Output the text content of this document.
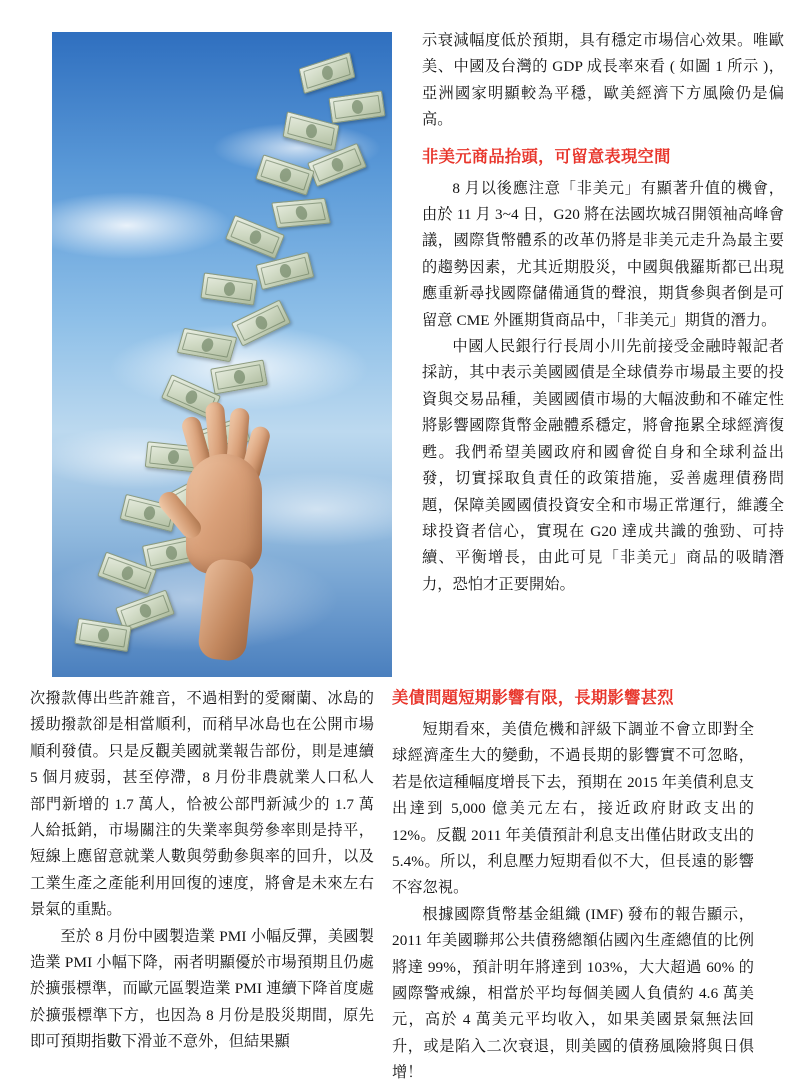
示衰減幅度低於預期，具有穩定市場信心效果。唯歐美、中國及台灣的 GDP 成長率來看 ( 如圖 1 所示 )，亞洲國家明顯較為平穩，歐美經濟下方風險仍是偏高。

非美元商品抬頭，可留意表現空間

8 月以後應注意「非美元」有顯著升值的機會，由於 11 月 3~4 日，G20 將在法國坎城召開領袖高峰會議，國際貨幣體系的改革仍將是非美元走升為最主要的趨勢因素，尤其近期股災，中國與俄羅斯都已出現應重新尋找國際儲備通貨的聲浪，期貨參與者倒是可留意 CME 外匯期貨商品中，「非美元」期貨的潛力。

中國人民銀行行長周小川先前接受金融時報記者採訪，其中表示美國國債是全球債券市場最主要的投資與交易品種，美國國債市場的大幅波動和不確定性將影響國際貨幣金融體系穩定，將會拖累全球經濟復甦。我們希望美國政府和國會從自身和全球利益出發，切實採取負責任的政策措施，妥善處理債務問題，保障美國國債投資安全和市場正常運行，維護全球投資者信心，實現在 G20 達成共識的強勁、可持續、平衡增長，由此可見「非美元」商品的吸睛潛力，恐怕才正要開始。

次撥款傳出些許雜音，不過相對的愛爾蘭、冰島的援助撥款卻是相當順利，而稍早冰島也在公開市場順利發債。只是反觀美國就業報告部份，則是連續 5 個月疲弱，甚至停滯，8 月份非農就業人口私人部門新增的 1.7 萬人，恰被公部門新減少的 1.7 萬人給抵銷，市場關注的失業率與勞參率則是持平，短線上應留意就業人數與勞動參與率的回升，以及工業生產之產能利用回復的速度，將會是未來左右景氣的重點。

至於 8 月份中國製造業 PMI 小幅反彈，美國製造業 PMI 小幅下降，兩者明顯優於市場預期且仍處於擴張標準，而歐元區製造業 PMI 連續下降首度處於擴張標準下方，也因為 8 月份是股災期間，原先即可預期指數下滑並不意外，但結果顯

美債問題短期影響有限，長期影響甚烈

短期看來，美債危機和評級下調並不會立即對全球經濟產生大的變動，不過長期的影響實不可忽略，若是依這種幅度增長下去，預期在 2015 年美債利息支出達到 5,000 億美元左右，接近政府財政支出的 12%。反觀 2011 年美債預計利息支出僅佔財政支出的 5.4%。所以，利息壓力短期看似不大，但長遠的影響不容忽視。

根據國際貨幣基金組織 (IMF) 發布的報告顯示，2011 年美國聯邦公共債務總額佔國內生產總值的比例將達 99%，預計明年將達到 103%，大大超過 60% 的國際警戒線，相當於平均每個美國人負債約 4.6 萬美元，高於 4 萬美元平均收入，如果美國景氣無法回升，或是陷入二次衰退，則美國的債務風險將與日俱增！
